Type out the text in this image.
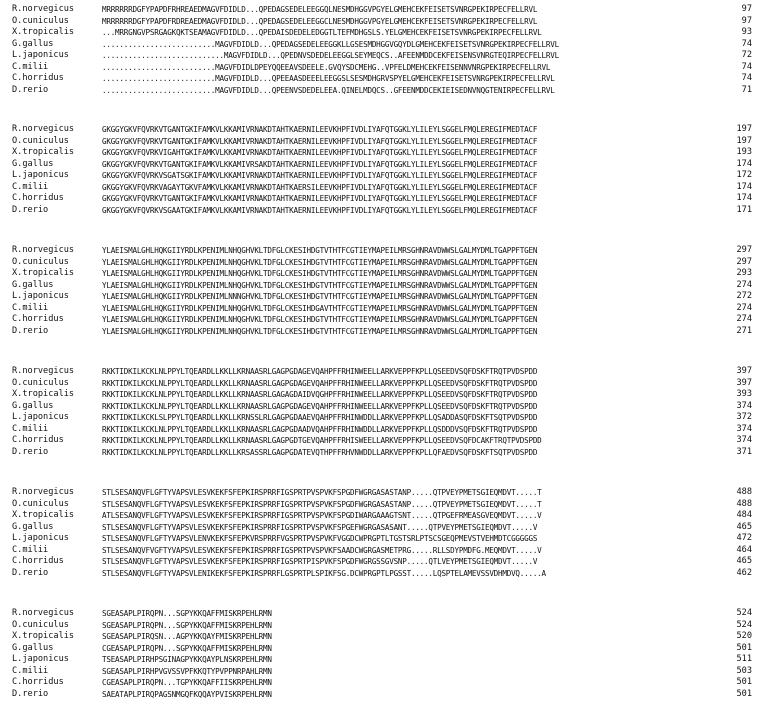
R.norvegicus	MRRRRRRDGFYPAPDFRHREAEDMAGVFDIDLD...QPEDAGSEDELEEGGQLNESMDHGGVPGYELGMEHCEKFEISETSVNRGPEKIRPECFELLRVL	97
O.cuniculus	MRRRRRRDGFYPAPDFRDREAEDMAGVFDIDLD...QPEDAGSEDELEEGGCLNESMDHGGVPGYELGMEHCEKFEISETSVNRGPEKIRPECFELLRVL	97
X.tropicalis	...MRRGNGVPSRGAGKQKTSEAMAGVFDIDLD...QPEDAISDEDELEDGGTLTEFMDHGSLS.YELGMEHCEKFEISETSVNRGPEKIRPECFELLRVL	93
G.gallus	..........................MAGVFDIDLD...QPEDAGSEDELEEGGKLLGSESMDHGGVGQYDLGMEHCEKFEISETSVNRGPEKIRPECFELLRVL	74
L.japonicus	............................MAGVFDIDLD...QPEDNVSDEDELEEGGLSEYMEQCS..AFEENMDDCEKFEISENSVNRGTEQIRPECFELLRVL	72
C.milii	..........................MAGVFDIDLDPEYQQEEAVSDEELE.GVQYSDCMEHG..VPFELDMEHCEKFEISENNVNRGPEKIRPECFELLRVL	74
C.horridus	..........................MAGVFDIDLD...QPEEAASDEEELEEGGSLSESMDHGRVSPYELGMEHCEKFEISETSVNRGPEKIRPECFELLRVL	74
D.rerio	..........................MAGVFDIDLD...QPEENVSDEDELEEA.QINELMDQCS..GFEENMDDCEKIEISEDNVNQGTENIRPECFELLRVL	71
R.norvegicus	GKGGYGKVFQVRKVTGANTGKIFAMKVLKKAMIVRNAKDTAHTKAERNILEEVKHPFIVDLIYAFQTGGKLYLILEYLSGGELFMQLEREGIFMEDTACF	197
O.cuniculus	GKGGYGKVFQVRKVTGANTGKIFAMKVLKKAMIVRNAKDTAHTKAERNILEEVKHPFIVDLIYAFQTGGKLYLILEYLSGGELFMQLEREGIFMEDTACF	197
X.tropicalis	GKGGYGKVFQVRKVIGAHTGKIFAMKVLKKAMIVRNAKDTAHTKAERNILEEVKHPFIVDLIYAFQTGGKLYLILEYLSGGELFMQLEREGIFMEDTACF	193
G.gallus	GKGGYGKVFQVRKVTGANTGKIFAMKVLKKAMIVRSAKDTAHTKAERNILEEVKHPFIVDLIYAFQTGGKLYLILEYLSGGELFMQLEREGIFMEDTACF	174
L.japonicus	GKGGYGKVFQVRKVSGATSGKIFAMKVLKKAMIVRNAKDTAHTKAERNILEEVKHPFIVDLIYAFQTGGKLYLILEYLSGGELFMQLEREGIFMEDTACF	172
C.milii	GKGGYGKVFQVRKVAGAYTGKVFAMKVLKKAMIVRNAKDTAHTKAERSILEEVKHPFIVDLIYAFQTGGKLYLILEYLSGGELFMQLEREGIFMEDTACF	174
C.horridus	GKGGYGKVFQVRKVTGANTGKIFAMKVLKKAMIVRNAKDTAHTKAERNILEEVKHPFIVDLIYAFQTGGKLYLILEYLSGGELFMQLEREGIFMEDTACF	174
D.rerio	GKGGYGKVFQVRKVSGAATGKIFAMKVLKKAMIVRNAKDTAHTKAERNILEEVKHPFIVDLIYAFQTGGKLYLILEYLSGGELFMQLEREGIFMEDTACF	171
R.norvegicus	YLAEISMALGHLHQKGIIYRDLKPENIMLNHQGHVKLTDFGLCKESIHDGTVTHTFCGTIEYMAPEILMRSGHNRAVDWWSLGALMYDMLTGAPPFTGEN	297
O.cuniculus	YLAEISMALGHLHQKGIIYRDLKPENIMLNHQGHVKLTDFGLCKESIHDGTVTHTFCGTIEYMAPEILMRSGHNRAVDWWSLGALMYDMLTGAPPFTGEN	297
X.tropicalis	YLAEISMALGHLHQKGIIYRDLKPENIMLNHQGHVKLTDFGLCKESIHDGTVTHTFCGTIEYMAPEILMRSGHNRAVDWWSLGALMYDMLTGAPPFTGEN	293
G.gallus	YLAEISMALGHLHQKGIIYRDLKPENIMLNHQGHVKLTDFGLCKESIHDGTVTHTFCGTIEYMAPEILMRSGHNRAVDWWSLGALMYDMLTGAPPFTGEN	274
L.japonicus	YLAEISMALGHLHQKGIIYRDLKPENIMLNNNGHVKLTDFGLCKESIHDGTVTHTFCGTIEYMAPEILMRSGHNRAVDWWSLGALMYDMLTGAPPFTGEN	272
C.milii	YLAEISMALGHLHQKGIIYRDLKPENIMLNHQGHVKLTDFGLCKESIHDGAVTHTFCGTIEYMAPEILMRSGHNRAVDWWSLGALMYDMLTGAPPFTGEN	274
C.horridus	YLAEISMALGHLHQKGIIYRDLKPENIMLNHQGHVKLTDFGLCKESIHDGTVTHTFCGTIEYMAPEILMRSGHNRAVDWWSLGALMYDMLTGAPPFTGEN	274
D.rerio	YLAEISMALGHLHQKGIIYRDLKPENIMLNHQGHVKLTDFGLCKESIHDGTVTHTFCGTIEYMAPEILMRSGHNRAVDWWSLGALMYDMLTGAPPFTGEN	271
R.norvegicus	RKKTIDKILKCKLNLPPYLTQEARDLLKKLLKRNAASRLGAGPGDAGEVQAHPFFRHINWEELLARKVEPPFKPLLQSEEDVSQFDSKFTRQTPVDSPDD	397
O.cuniculus	RKKTIDKILKCKLNLPPYLTQEARDLLKKLLKRNAASRLGAGPGDAGEVQAHPFFRHINWEELLARKVEPPFKPLLQSEEDVSQFDSKFTRQTPVDSPDD	397
X.tropicalis	RKKTIDKILKCKLNLPPYLTQEARDLLKKLLKRNAASRLGAGAGDAIDVQGHPFFRHINWEELLARKVEPPFKPLLQSEEDVSQFDSKFTRQTPVDSPDD	393
G.gallus	RKKTIDKILKCKLNLPPYLTQEARDLLKKLLKRNAASRLGAGPGDAGEVQAHPFFRHINWEELLARKVEPPFKPLLQSEEDVSQFDSKFTRQTPVDSPDD	374
L.japonicus	RKKTIDKILKCKLSLPPYLTQEARDLLKKLLKRNSSLRLGAGPGDAAEVQAHPFFRHINWDDLLARKVEPPFKPLLQSADDASQFDSKFTSQTPVDSPDD	372
C.milii	RKKTIDKILKCKLNLPPYLTQEARDLLKKLLKRNAASRLGAGPGDAADVQAHPFFRHINWDDLLARKVEPPFKPLLQSDDDVSQFDSKFTRQTPVDSPDD	374
C.horridus	RKKTIDKILKCKLNLPPYLTQEARDLLKKLLKRNAASRLGAGPGDTGEVQAHPFFRHISWEELLARKVEPPFKPLLQSEEDVSQFDCAKFTRQTPVDSPDD	374
D.rerio	RKKTIDKILKCKLNLPPYLTQEARDLLKKLLKRSASSRLGAGPGDATEVQTHPFFRHVNWDDLLARKVEPPFKPLLQFAEDVSQFDSKFTSQTPVDSPDD	371
R.norvegicus	STLSESANQVFLGFTYVAPSVLESVKEKFSFEPKIRSPRRFIGSPRTPVSPVKFSPGDFWGRGASASTANP.....QTPVEYPMETSGIEQMDVT.....T	488
O.cuniculus	STLSESANQVFLGFTYVAPSVLESVKEKFSFEPKIRSPRRFIGSPRTPVSPVKFSPGDFWGRGASASTANP.....QTPVEYPMETSGIEQMDVT.....T	488
X.tropicalis	ATLSESANQVFLGFTYVAPSVLESVKEKFSFEPKIRSPRRFIGSPRTPVSPVKFSPGDIWARGAAAGTSNT.....QTPGEFRMEASGVEQMDVT.....V	484
G.gallus	STLSESANQVFLGFTYVAPSVLESVKEKFSFEPKIRSPRRFIGSPRTPVSPVKFSPGEFWGRGASASANT.....QTPVEYPMETSGIEQMDVT.....V	465
L.japonicus	STLSESANQVFLGFTYVAPSVLENVKEKFSFEPKVRSPRRFVGSPRTPVSPVKFVGGDCWPRGPTLTGSTSRLPTSCSGEQPMEVSTVEHMDTCGGGGGS	472
C.milii	STLSESANQVFVGFTYVAPSVLESVKEKFSFEPKIRSPRRFIGSPRTPVSPVKFSAADCWGRGASMETPRG.....RLLSDYPMDFG.MEQMDVT.....V	464
C.horridus	STLSESANQVFLGFTYVAPSVLESVKEKFSFEPKIRSPRRFIGSPRTPISPVKFSPGDFWGRGSSGVSNP.....QTLVEYPMETSGIEQMDVT.....V	465
D.rerio	STLSESANQVFLGFTYVAPSVLENIKEKFSFEPKIRSPRRFLGSPRTPLSPIKFSG.DCWPRGPTLPGSST.....LQSPTELAMEVSSVDHMDVQ.....A	462
R.norvegicus	SGEASAPLPIRQPN...SGPYKKQAFFMISKRPEHLRMN	524
O.cuniculus	SGEASAPLPIRQPN...SGPYKKQAFFMISKRPEHLRMN	524
X.tropicalis	SGEASAPLPIRQSN...AGPYKKQAYFMISKRPEHLRMN	520
G.gallus	CGEASAPLPIRQPN...SGPYKKQAFFMISKRPEHLRMN	501
L.japonicus	TSEASAPLPIRHPSGINAGPYKKQAYPLNSKRPEHLRMN	511
C.milii	SGEASAPLPIRHPVGVSSVPFKKQTYPVPPNRPAHLRMN	503
C.horridus	CGEASAPLPIRQPN...TGPYKKQAFFIISKRPEHLRMN	501
D.rerio	SAEATAPLPIRQPAGSNMGQFKQQAYPVISKRPEHLRMN	501
